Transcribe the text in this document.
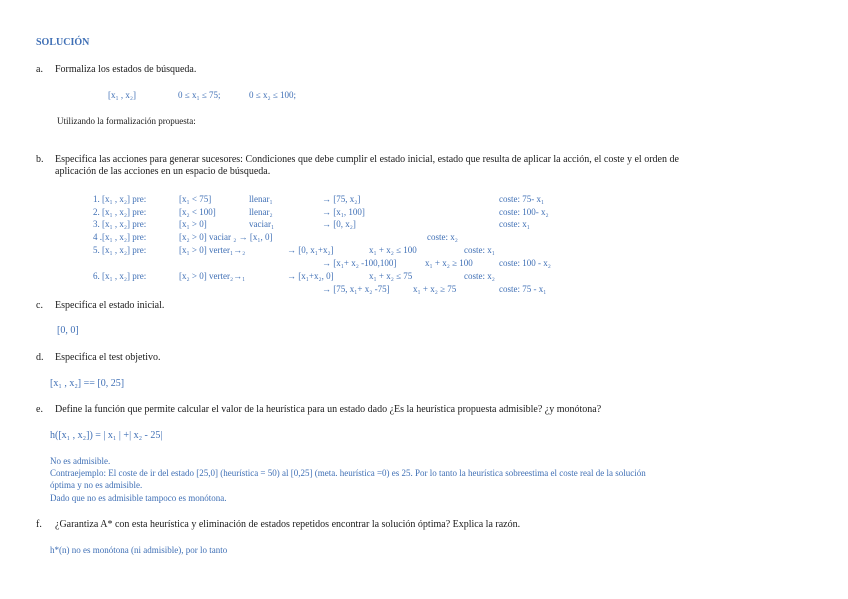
SOLUCIÓN
a. Formaliza los estados de búsqueda.
[x₁ , x₂]	0 ≤ x₁ ≤ 75;	0 ≤ x₂ ≤ 100;
Utilizando la formalización propuesta:
b. Especifica las acciones para generar sucesores: Condiciones que debe cumplir el estado inicial, estado que resulta de aplicar la acción, el coste y el orden de
aplicación de las acciones en un espacio de búsqueda.
1. [x₁ , x₂] pre:	[x₁ < 75]	llenar₁	→ [75, x₂]	coste: 75- x₁
2. [x₁ , x₂] pre:	[x₂ < 100]	llenar₂	→ [x₁, 100]	coste: 100- x₂
3. [x₁ , x₂] pre:	[x₁ > 0]	vaciar₁	→ [0, x₂]	coste: x₁
4 .[x₁ , x₂] pre:	[x₂ > 0] vaciar ₂ → [x₁, 0]	coste: x₂
5. [x₁ , x₂] pre:	[x₁ > 0] verter₁→₂	→ [0, x₁+x₂]	x₁ + x₂ ≤ 100	coste: x₁
→ [x₁+ x₂ -100,100]	x₁ + x₂ ≥ 100	coste: 100 - x₂
6. [x₁ , x₂] pre:	[x₂ > 0] verter₂→₁	→ [x₁+x₂, 0]	x₁ + x₂ ≤ 75	coste: x₂
→ [75, x₁+ x₂ -75]	x₁ + x₂ ≥ 75	coste: 75 - x₁
c. Especifica el estado inicial.
[0, 0]
d. Especifica el test objetivo.
[x₁ , x₂] == [0, 25]
e. Define la función que permite calcular el valor de la heurística para un estado dado ¿Es la heurística propuesta admisible? ¿y monótona?
h([x₁ , x₂]) = | x₁ | +| x₂ - 25|
No es admisible.
Contraejemplo: El coste de ir del estado [25,0] (heurística = 50) al [0,25] (meta. heurística =0) es 25. Por lo tanto la heurística sobreestima el coste real de la solución
óptima y no es admisible.
Dado que no es admisible tampoco es monótona.
f. ¿Garantiza A* con esta heurística y eliminación de estados repetidos encontrar la solución óptima? Explica la razón.
h*(n) no es monótona (ni admisible), por lo tanto
